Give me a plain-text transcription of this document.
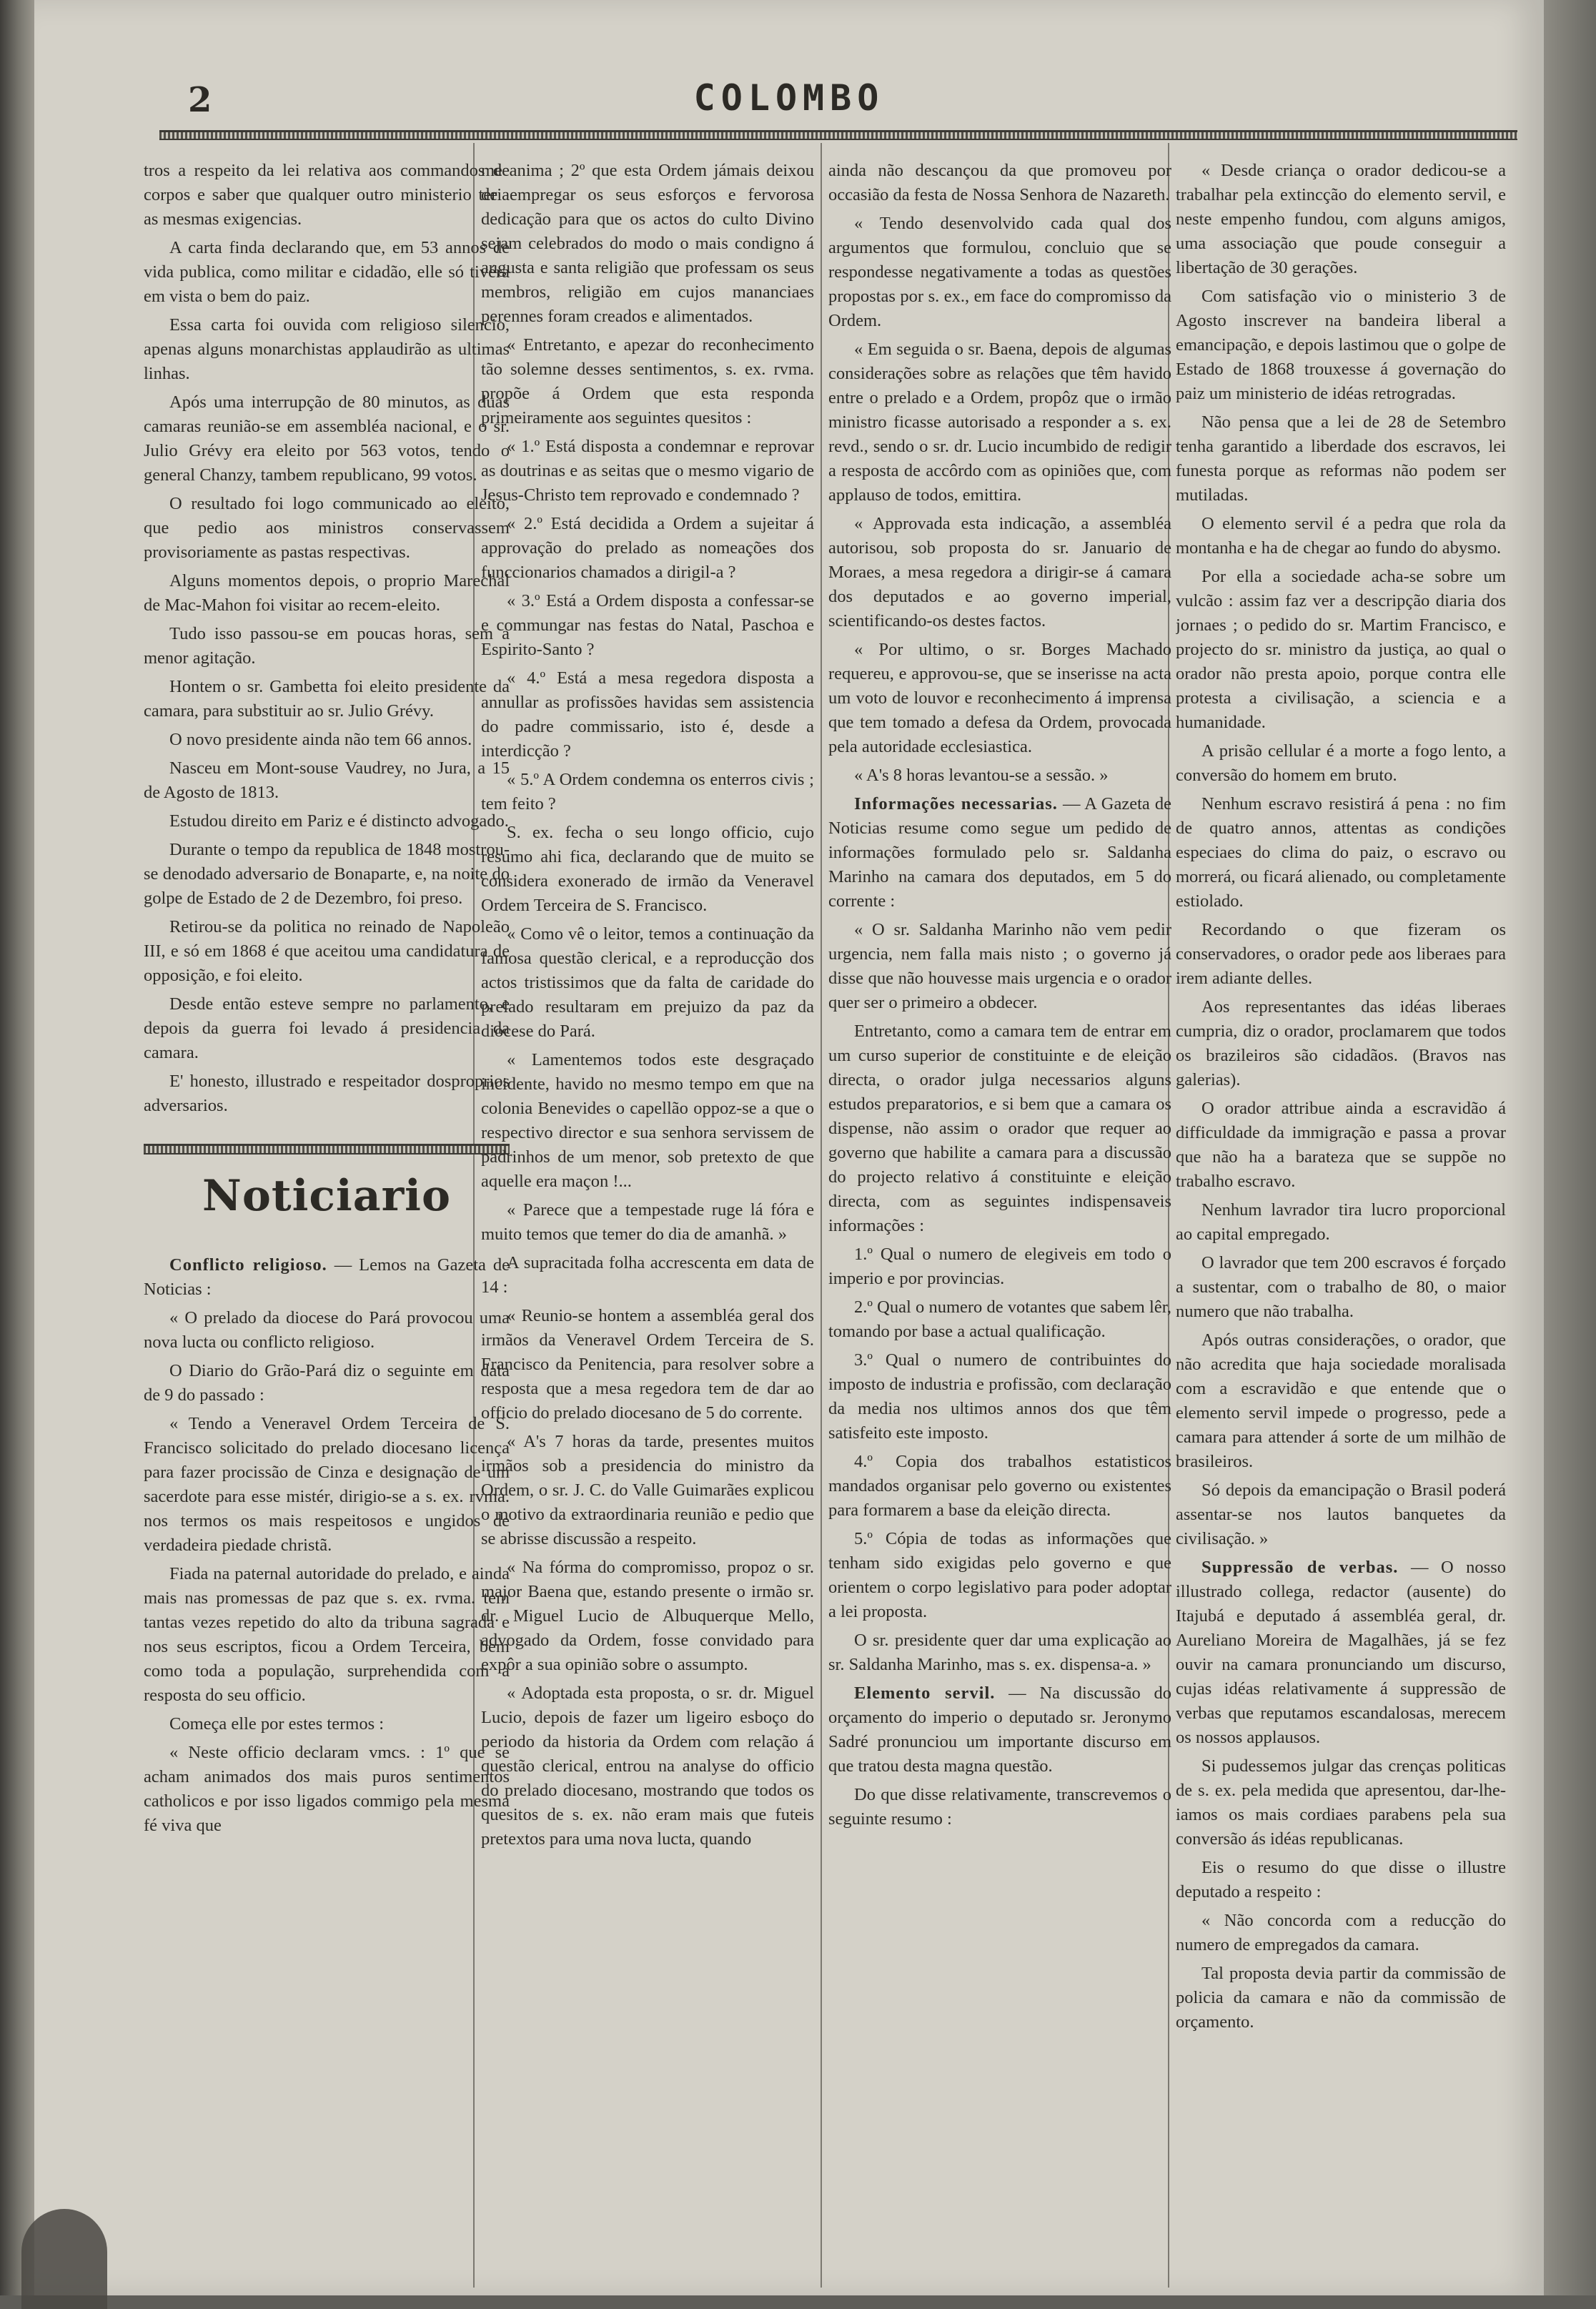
2	COLOMBO

tros a respeito da lei relativa aos commandos de corpos e saber que qualquer outro ministerio teria as mesmas exigencias.

A carta finda declarando que, em 53 annos de vida publica, como militar e cidadão, elle só tivéra em vista o bem do paiz.

Essa carta foi ouvida com religioso silencio, apenas alguns monarchistas applaudirão as ultimas linhas.

Após uma interrupção de 80 minutos, as duas camaras reunião-se em assembléa nacional, e o sr. Julio Grévy era eleito por 563 votos, tendo o general Chanzy, tambem republicano, 99 votos.

O resultado foi logo communicado ao eleito, que pedio aos ministros conservassem provisoriamente as pastas respectivas.

Alguns momentos depois, o proprio Marechal de Mac-Mahon foi visitar ao recem-eleito.

Tudo isso passou-se em poucas horas, sem a menor agitação.

Hontem o sr. Gambetta foi eleito presidente da camara, para substituir ao sr. Julio Grévy.

O novo presidente ainda não tem 66 annos.

Nasceu em Mont-souse Vaudrey, no Jura, a 15 de Agosto de 1813.

Estudou direito em Pariz e é distincto advogado.

Durante o tempo da republica de 1848 mostrou-se denodado adversario de Bonaparte, e, na noite do golpe de Estado de 2 de Dezembro, foi preso.

Retirou-se da politica no reinado de Napoleão III, e só em 1868 é que aceitou uma candidatura de opposição, e foi eleito.

Desde então esteve sempre no parlamento, e depois da guerra foi levado á presidencia da camara.

E' honesto, illustrado e respeitador dosproprios adversarios.

Noticiario

Conflicto religioso. — Lemos na Gazeta de Noticias :

« O prelado da diocese do Pará provocou uma nova lucta ou conflicto religioso.

O Diario do Grão-Pará diz o seguinte em data de 9 do passado :

« Tendo a Veneravel Ordem Terceira de S. Francisco solicitado do prelado diocesano licença para fazer procissão de Cinza e designação de um sacerdote para esse mistér, dirigio-se a s. ex. rvma. nos termos os mais respeitosos e ungidos de verdadeira piedade christã.

Fiada na paternal autoridade do prelado, e ainda mais nas promessas de paz que s. ex. rvma. tem tantas vezes repetido do alto da tribuna sagrada e nos seus escriptos, ficou a Ordem Terceira, bem como toda a população, surprehendida com a resposta do seu officio.

Começa elle por estes termos :

« Neste officio declaram vmcs. : 1º que se acham animados dos mais puros sentimentos catholicos e por isso ligados commigo pela mesma fé viva que

me anima ; 2º que esta Ordem jámais deixou de empregar os seus esforços e fervorosa dedicação para que os actos do culto Divino sejam celebrados do modo o mais condigno á augusta e santa religião que professam os seus membros, religião em cujos mananciaes perennes foram creados e alimentados.

« Entretanto, e apezar do reconhecimento tão solemne desses sentimentos, s. ex. rvma. propõe á Ordem que esta responda primeiramente aos seguintes quesitos :

« 1.º Está disposta a condemnar e reprovar as doutrinas e as seitas que o mesmo vigario de Jesus-Christo tem reprovado e condemnado ?

« 2.º Está decidida a Ordem a sujeitar á approvação do prelado as nomeações dos funccionarios chamados a dirigil-a ?

« 3.º Está a Ordem disposta a confessar-se e commungar nas festas do Natal, Paschoa e Espirito-Santo ?

« 4.º Está a mesa regedora disposta a annullar as profissões havidas sem assistencia do padre commissario, isto é, desde a interdicção ?

« 5.º A Ordem condemna os enterros civis ; tem feito ?

S. ex. fecha o seu longo officio, cujo resumo ahi fica, declarando que de muito se considera exonerado de irmão da Veneravel Ordem Terceira de S. Francisco.

« Como vê o leitor, temos a continuação da famosa questão clerical, e a reproducção dos actos tristissimos que da falta de caridade do prelado resultaram em prejuizo da paz da diocese do Pará.

« Lamentemos todos este desgraçado incidente, havido no mesmo tempo em que na colonia Benevides o capellão oppoz-se a que o respectivo director e sua senhora servissem de padrinhos de um menor, sob pretexto de que aquelle era maçon !...

« Parece que a tempestade ruge lá fóra e muito temos que temer do dia de amanhã. »

A supracitada folha accrescenta em data de 14 :

« Reunio-se hontem a assembléa geral dos irmãos da Veneravel Ordem Terceira de S. Francisco da Penitencia, para resolver sobre a resposta que a mesa regedora tem de dar ao officio do prelado diocesano de 5 do corrente.

« A's 7 horas da tarde, presentes muitos irmãos sob a presidencia do ministro da Ordem, o sr. J. C. do Valle Guimarães explicou o motivo da extraordinaria reunião e pedio que se abrisse discussão a respeito.

« Na fórma do compromisso, propoz o sr. major Baena que, estando presente o irmão sr. dr. Miguel Lucio de Albuquerque Mello, advogado da Ordem, fosse convidado para expôr a sua opinião sobre o assumpto.

« Adoptada esta proposta, o sr. dr. Miguel Lucio, depois de fazer um ligeiro esboço do periodo da historia da Ordem com relação á questão clerical, entrou na analyse do officio do prelado diocesano, mostrando que todos os quesitos de s. ex. não eram mais que futeis pretextos para uma nova lucta, quando

ainda não descançou da que promoveu por occasião da festa de Nossa Senhora de Nazareth.

« Tendo desenvolvido cada qual dos argumentos que formulou, concluio que se respondesse negativamente a todas as questões propostas por s. ex., em face do compromisso da Ordem.

« Em seguida o sr. Baena, depois de algumas considerações sobre as relações que têm havido entre o prelado e a Ordem, propôz que o irmão ministro ficasse autorisado a responder a s. ex. revd., sendo o sr. dr. Lucio incumbido de redigir a resposta de accôrdo com as opiniões que, com applauso de todos, emittira.

« Approvada esta indicação, a assembléa autorisou, sob proposta do sr. Januario de Moraes, a mesa regedora a dirigir-se á camara dos deputados e ao governo imperial, scientificando-os destes factos.

« Por ultimo, o sr. Borges Machado requereu, e approvou-se, que se inserisse na acta um voto de louvor e reconhecimento á imprensa que tem tomado a defesa da Ordem, provocada pela autoridade ecclesiastica.

« A's 8 horas levantou-se a sessão. »

Informações necessarias. — A Gazeta de Noticias resume como segue um pedido de informações formulado pelo sr. Saldanha Marinho na camara dos deputados, em 5 do corrente :

« O sr. Saldanha Marinho não vem pedir urgencia, nem falla mais nisto ; o governo já disse que não houvesse mais urgencia e o orador quer ser o primeiro a obdecer.

Entretanto, como a camara tem de entrar em um curso superior de constituinte e de eleição directa, o orador julga necessarios alguns estudos preparatorios, e si bem que a camara os dispense, não assim o orador que requer ao governo que habilite a camara para a discussão do projecto relativo á constituinte e eleição directa, com as seguintes indispensaveis informações :

1.º Qual o numero de elegiveis em todo o imperio e por provincias.

2.º Qual o numero de votantes que sabem lêr, tomando por base a actual qualificação.

3.º Qual o numero de contribuintes do imposto de industria e profissão, com declaração da media nos ultimos annos dos que têm satisfeito este imposto.

4.º Copia dos trabalhos estatisticos mandados organisar pelo governo ou existentes para formarem a base da eleição directa.

5.º Cópia de todas as informações que tenham sido exigidas pelo governo e que orientem o corpo legislativo para poder adoptar a lei proposta.

O sr. presidente quer dar uma explicação ao sr. Saldanha Marinho, mas s. ex. dispensa-a. »

Elemento servil. — Na discussão do orçamento do imperio o deputado sr. Jeronymo Sadré pronunciou um importante discurso em que tratou desta magna questão.

Do que disse relativamente, transcrevemos o seguinte resumo :

« Desde criança o orador dedicou-se a trabalhar pela extincção do elemento servil, e neste empenho fundou, com alguns amigos, uma associação que poude conseguir a libertação de 30 gerações.

Com satisfação vio o ministerio 3 de Agosto inscrever na bandeira liberal a emancipação, e depois lastimou que o golpe de Estado de 1868 trouxesse á governação do paiz um ministerio de idéas retrogradas.

Não pensa que a lei de 28 de Setembro tenha garantido a liberdade dos escravos, lei funesta porque as reformas não podem ser mutiladas.

O elemento servil é a pedra que rola da montanha e ha de chegar ao fundo do abysmo.

Por ella a sociedade acha-se sobre um vulcão : assim faz ver a descripção diaria dos jornaes ; o pedido do sr. Martim Francisco, e projecto do sr. ministro da justiça, ao qual o orador não presta apoio, porque contra elle protesta a civilisação, a sciencia e a humanidade.

A prisão cellular é a morte a fogo lento, a conversão do homem em bruto.

Nenhum escravo resistirá á pena : no fim de quatro annos, attentas as condições especiaes do clima do paiz, o escravo ou morrerá, ou ficará alienado, ou completamente estiolado.

Recordando o que fizeram os conservadores, o orador pede aos liberaes para irem adiante delles.

Aos representantes das idéas liberaes cumpria, diz o orador, proclamarem que todos os brazileiros são cidadãos. (Bravos nas galerias).

O orador attribue ainda a escravidão á difficuldade da immigração e passa a provar que não ha a barateza que se suppõe no trabalho escravo.

Nenhum lavrador tira lucro proporcional ao capital empregado.

O lavrador que tem 200 escravos é forçado a sustentar, com o trabalho de 80, o maior numero que não trabalha.

Após outras considerações, o orador, que não acredita que haja sociedade moralisada com a escravidão e que entende que o elemento servil impede o progresso, pede a camara para attender á sorte de um milhão de brasileiros.

Só depois da emancipação o Brasil poderá assentar-se nos lautos banquetes da civilisação. »

Suppressão de verbas. — O nosso illustrado collega, redactor (ausente) do Itajubá e deputado á assembléa geral, dr. Aureliano Moreira de Magalhães, já se fez ouvir na camara pronunciando um discurso, cujas idéas relativamente á suppressão de verbas que reputamos escandalosas, merecem os nossos applausos.

Si pudessemos julgar das crenças politicas de s. ex. pela medida que apresentou, dar-lhe-iamos os mais cordiaes parabens pela sua conversão ás idéas republicanas.

Eis o resumo do que disse o illustre deputado a respeito :

« Não concorda com a reducção do numero de empregados da camara.

Tal proposta devia partir da commissão de policia da camara e não da commissão de orçamento.
